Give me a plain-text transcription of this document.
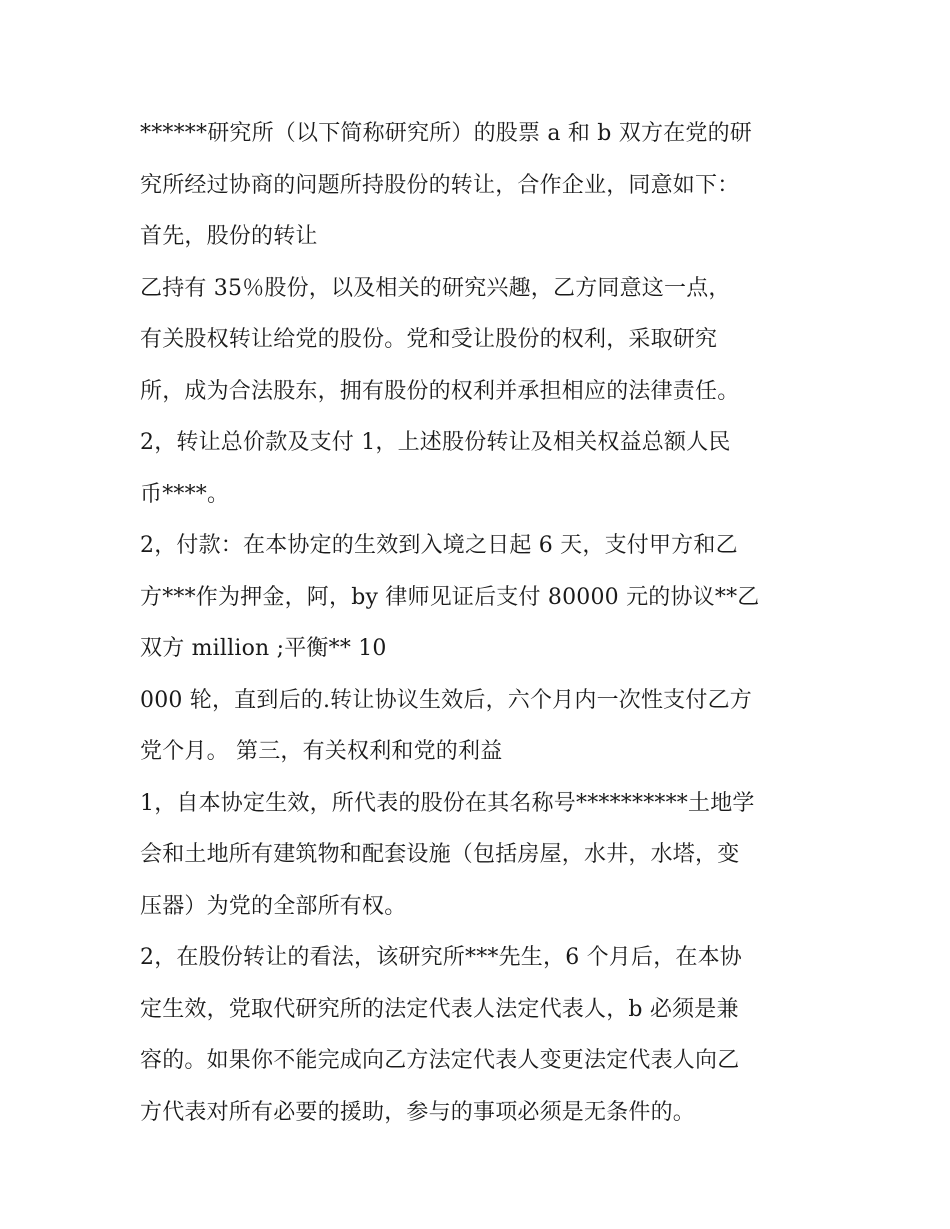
******研究所（以下简称研究所）的股票 a 和 b 双方在党的研
究所经过协商的问题所持股份的转让，合作企业，同意如下：
首先，股份的转让
乙持有 35％股份，以及相关的研究兴趣，乙方同意这一点，
有关股权转让给党的股份。党和受让股份的权利，采取研究
所，成为合法股东，拥有股份的权利并承担相应的法律责任。
2，转让总价款及支付 1，上述股份转让及相关权益总额人民
币****。
2，付款：在本协定的生效到入境之日起 6 天，支付甲方和乙
方***作为押金，阿，by 律师见证后支付 80000 元的协议**乙
双方 million ;平衡** 10
000 轮，直到后的.转让协议生效后，六个月内一次性支付乙方
党个月。 第三，有关权利和党的利益
1，自本协定生效，所代表的股份在其名称号**********土地学
会和土地所有建筑物和配套设施（包括房屋，水井，水塔，变
压器）为党的全部所有权。
2，在股份转让的看法，该研究所***先生，6 个月后，在本协
定生效，党取代研究所的法定代表人法定代表人，b 必须是兼
容的。如果你不能完成向乙方法定代表人变更法定代表人向乙
方代表对所有必要的援助，参与的事项必须是无条件的。
